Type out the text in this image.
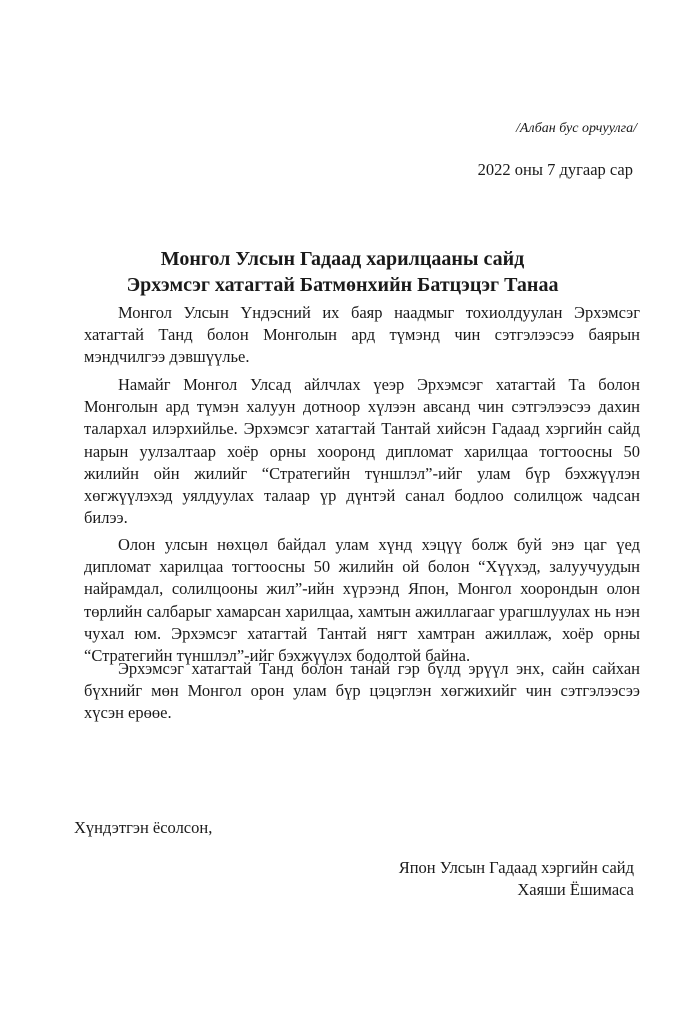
/Албан бус орчуулга/
2022 оны 7 дугаар сар
Монгол Улсын Гадаад харилцааны сайд
Эрхэмсэг хатагтай Батмөнхийн Батцэцэг Танаа

Монгол Улсын Үндэсний их баяр наадмыг тохиолдуулан Эрхэмсэг хатагтай Танд болон Монголын ард түмэнд чин сэтгэлээсээ баярын мэндчилгээ дэвшүүлье.

Намайг Монгол Улсад айлчлах үеэр Эрхэмсэг хатагтай Та болон Монголын ард түмэн халуун дотноор хүлээн авсанд чин сэтгэлээсээ дахин талархал илэрхийлье. Эрхэмсэг хатагтай Тантай хийсэн Гадаад хэргийн сайд нарын уулзалтаар хоёр орны хооронд дипломат харилцаа тогтоосны 50 жилийн ойн жилийг “Стратегийн түншлэл”-ийг улам бүр бэхжүүлэн хөгжүүлэхэд уялдуулах талаар үр дүнтэй санал бодлоо солилцож чадсан билээ.

Олон улсын нөхцөл байдал улам хүнд хэцүү болж буй энэ цаг үед дипломат харилцаа тогтоосны 50 жилийн ой болон “Хүүхэд, залуучуудын найрамдал, солилцооны жил”-ийн хүрээнд Япон, Монгол хоорондын олон төрлийн салбарыг хамарсан харилцаа, хамтын ажиллагааг урагшлуулах нь нэн чухал юм. Эрхэмсэг хатагтай Тантай нягт хамтран ажиллаж, хоёр орны “Стратегийн түншлэл”-ийг бэхжүүлэх бодолтой байна.

Эрхэмсэг хатагтай Танд болон танай гэр бүлд эрүүл энх, сайн сайхан бүхнийг мөн Монгол орон улам бүр цэцэглэн хөгжихийг чин сэтгэлээсээ хүсэн ерөөе.

Хүндэтгэн ёсолсон,
Япон Улсын Гадаад хэргийн сайд
Хаяши Ёшимаса
